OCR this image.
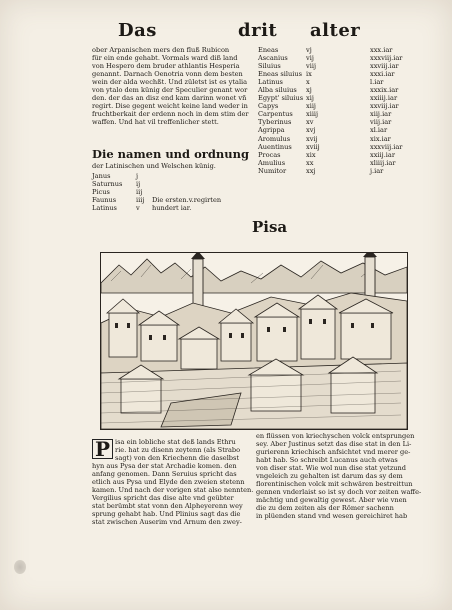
Das	drit alter
ober Arpanischen mers den fluß Rubicon
für ein ende gehabt. Vormals ward diß land
von Hespero dem bruder athlantis Hesperia
genannt. Darnach Oenotria vonn dem besten
wein der alda wechßt. Und zületst ist es ytalia
von ytalo dem künig der Speculier genant wor
den. der das an disz end kam darinn wonet vñ
regirt. Dise gegent weicht keine land weder in
fruchtberkait der erdenn noch in dem stim der
waffen. Und hat vil treffenlicher stett.
Die namen und ordnung
der Latinischen und Welschen künig.
Janus	j
Saturnus	ij
Picus	iij
Faunus	iiij	Die ersten.v.regirten
Latinus	v	hundert iar.
Eneas	vj	xxx.iar
Ascanius	vij	xxxviij.iar
Siluius	viij	xxviij.iar
Eneas siluius ix	xxxi.iar
Latinus	x	l.iar
Alba siluius	xj	xxxix.iar
Egypt' siluius xij	xxiiij.iar
Capys	xiij	xxviij.iar
Carpentus	xiiij	xiij.iar
Tyberinus	xv	viij.iar
Agrippa	xvj	xl.iar
Aromulus	xvij	xix.iar
Auentinus	xviij	xxxviij.iar
Procas	xix	xxiij.iar
Amulius	xx	xliiij.iar
Numitor	xxj	j.iar
Pisa
P isa ein lobliche stat deß lands Ethru
rie. hat zu disenn zeytenn (als Strabo
sagt) von den Kriechenn die daselbst
hyn aus Pysa der stat Archadie komen. den
anfang genomen. Dann Seruius spricht das
etlich aus Pysa und Elyde den zweien stetenn
kamen. Und nach der vorigen stat also nennten.
Vergilius spricht das dise alte vnd geübter
stat berümbt stat vonn den Alpheyerenn wey
sprung gehabt hab. Und Plinius sagt das die
stat zwischen Auserim vnd Arnum den zwey-
en flüssen von kriechyschen volck entsprungen
sey. Aber Justinus setzt das dise stat in den Li-
gurierenn kriechisch anfsichtet vnd merer ge-
habt hab. So schreibt Lucanus auch etwas
von diser stat. Wie wol nun dise stat yetzund
vngeleich zu gehalten ist darum das sy dem
florentinischen volck mit schwären bestreittun
gennen vnderlaist so ist sy doch vor zeiten waffe-
mächtig und gewaltig gewest. Aber wie vnen
die zu dem zeiten als der Römer sachenn
in plüenden stand vnd wesen gereichiret hab
